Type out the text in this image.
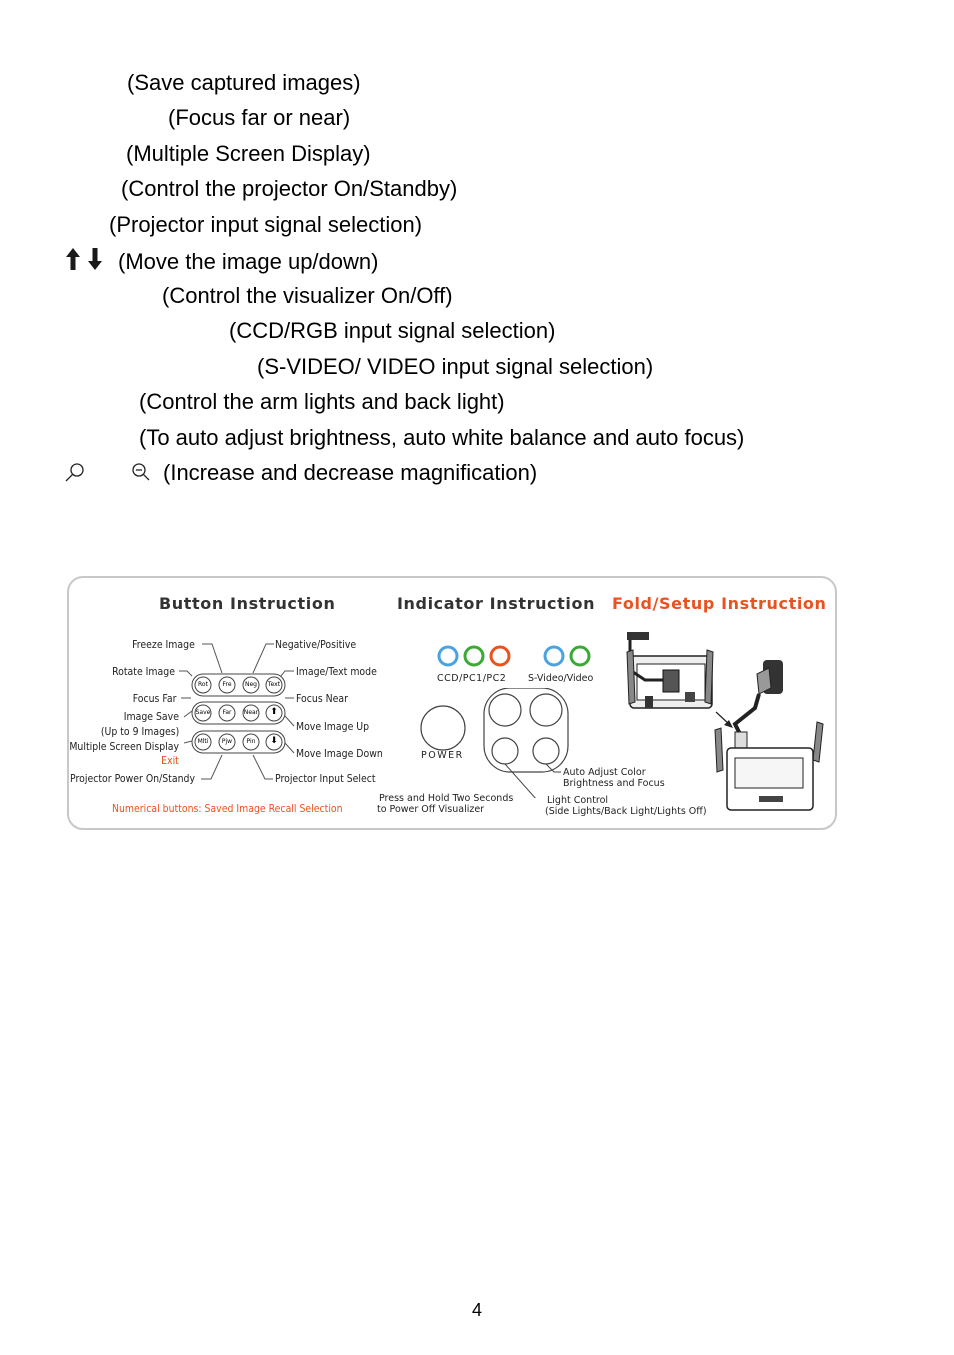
(Save captured images)
(Focus far or near)
(Multiple Screen Display)
(Control the projector On/Standby)
(Projector input signal selection)
(Move the image up/down)
(Control the visualizer On/Off)
(CCD/RGB input signal selection)
(S-VIDEO/ VIDEO input signal selection)
(Control the arm lights and back light)
(To auto adjust brightness, auto white balance and auto focus)
(Increase and decrease magnification)
Button Instruction	Indicator Instruction Fold/Setup Instruction
Rot	Fre	Neg	Text
Save	Far	Near	⬆
Mlti	Pjw	Pin	⬇
Freeze Image
Rotate Image
Focus Far
Image Save
(Up to 9 Images)
Multiple Screen Display
Exit
Projector Power On/Standy
Negative/Positive
Image/Text mode
Focus Near
Move Image Up
Move Image Down
Projector Input Select
Numerical buttons: Saved Image Recall Selection
CCD/PC1/PC2 S-Video/Video
POWER
Press and Hold Two Seconds
to Power Off Visualizer
Auto Adjust Color
Brightness and Focus
Light Control
(Side Lights/Back Light/Lights Off)
4
